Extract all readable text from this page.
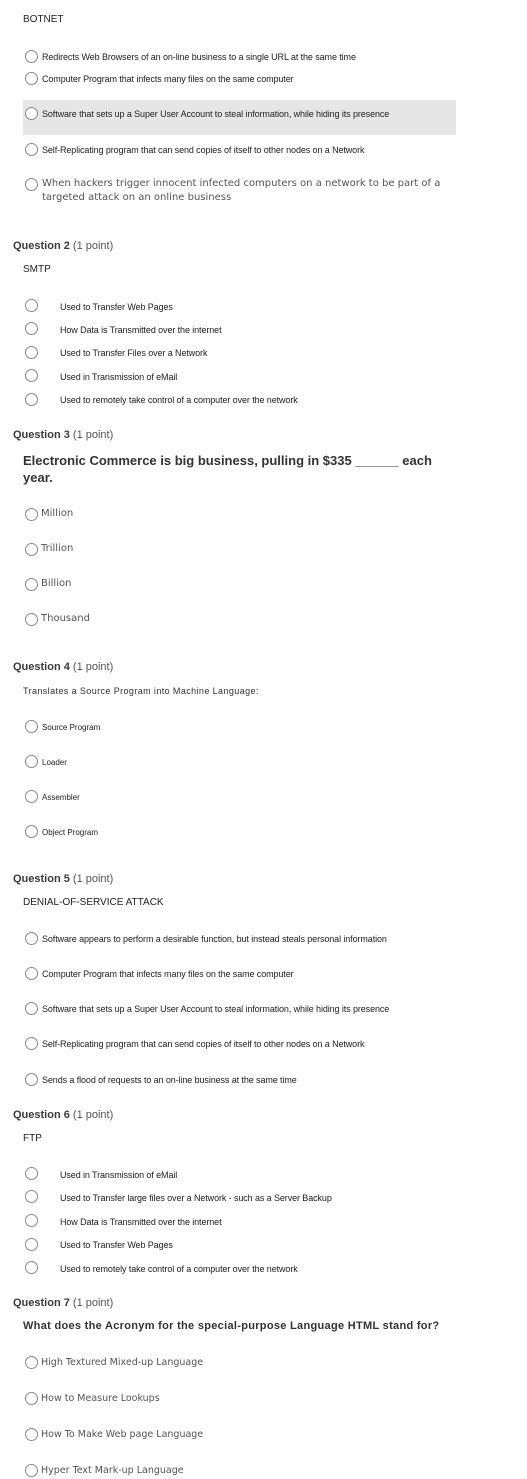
BOTNET
Redirects Web Browsers of an on-line business to a single URL at the same time
Computer Program that infects many files on the same computer
Software that sets up a Super User Account to steal information, while hiding its presence
Self-Replicating program that can send copies of itself to other nodes on a Network
When hackers trigger innocent infected computers on a network to be part of a targeted attack on an online business
Question 2 (1 point)
SMTP
Used to Transfer Web Pages
How Data is Transmitted over the internet
Used to Transfer Files over a Network
Used in Transmission of eMail
Used to remotely take control of a computer over the network
Question 3 (1 point)
Electronic Commerce is big business, pulling in $335 ______ each year.
Million
Trillion
Billion
Thousand
Question 4 (1 point)
Translates a Source Program into Machine Language:
Source Program
Loader
Assembler
Object Program
Question 5 (1 point)
DENIAL-OF-SERVICE ATTACK
Software appears to perform a desirable function, but instead steals personal information
Computer Program that infects many files on the same computer
Software that sets up a Super User Account to steal information, while hiding its presence
Self-Replicating program that can send copies of itself to other nodes on a Network
Sends a flood of requests to an on-line business at the same time
Question 6 (1 point)
FTP
Used in Transmission of eMail
Used to Transfer large files over a Network - such as a Server Backup
How Data is Transmitted over the internet
Used to Transfer Web Pages
Used to remotely take control of a computer over the network
Question 7 (1 point)
What does the Acronym for the special-purpose Language HTML stand for?
High Textured Mixed-up Language
How to Measure Lookups
How To Make Web page Language
Hyper Text Mark-up Language
